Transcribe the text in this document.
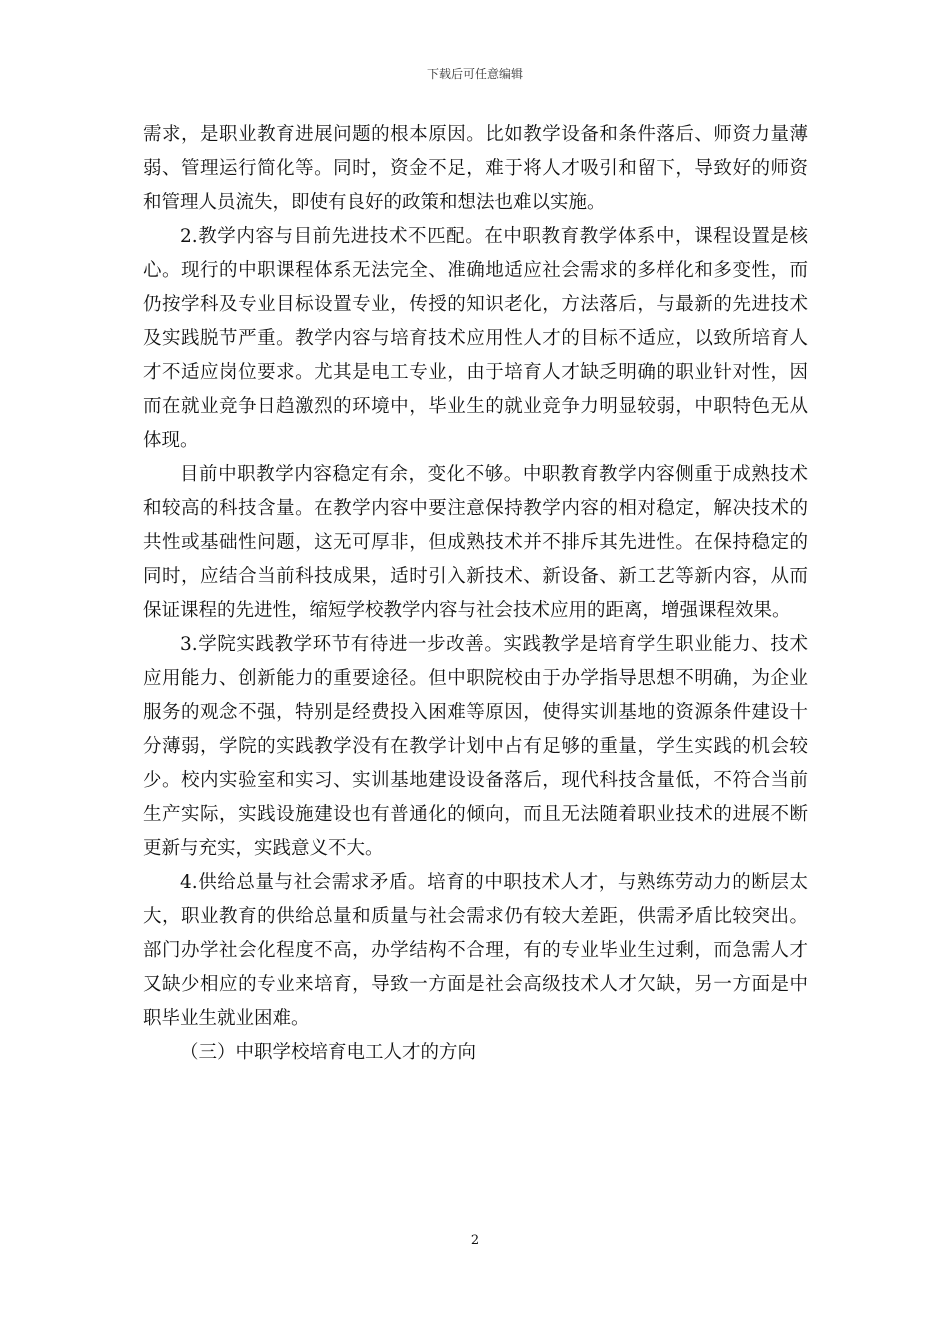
下载后可任意编辑

需求，是职业教育进展问题的根本原因。比如教学设备和条件落后、师资力量薄弱、管理运行简化等。同时，资金不足，难于将人才吸引和留下，导致好的师资和管理人员流失，即使有良好的政策和想法也难以实施。

2.教学内容与目前先进技术不匹配。在中职教育教学体系中，课程设置是核心。现行的中职课程体系无法完全、准确地适应社会需求的多样化和多变性，而仍按学科及专业目标设置专业，传授的知识老化，方法落后，与最新的先进技术及实践脱节严重。教学内容与培育技术应用性人才的目标不适应，以致所培育人才不适应岗位要求。尤其是电工专业，由于培育人才缺乏明确的职业针对性，因而在就业竞争日趋激烈的环境中，毕业生的就业竞争力明显较弱，中职特色无从体现。

目前中职教学内容稳定有余，变化不够。中职教育教学内容侧重于成熟技术和较高的科技含量。在教学内容中要注意保持教学内容的相对稳定，解决技术的共性或基础性问题，这无可厚非，但成熟技术并不排斥其先进性。在保持稳定的同时，应结合当前科技成果，适时引入新技术、新设备、新工艺等新内容，从而保证课程的先进性，缩短学校教学内容与社会技术应用的距离，增强课程效果。

3.学院实践教学环节有待进一步改善。实践教学是培育学生职业能力、技术应用能力、创新能力的重要途径。但中职院校由于办学指导思想不明确，为企业服务的观念不强，特别是经费投入困难等原因，使得实训基地的资源条件建设十分薄弱，学院的实践教学没有在教学计划中占有足够的重量，学生实践的机会较少。校内实验室和实习、实训基地建设设备落后，现代科技含量低，不符合当前生产实际，实践设施建设也有普通化的倾向，而且无法随着职业技术的进展不断更新与充实，实践意义不大。

4.供给总量与社会需求矛盾。培育的中职技术人才，与熟练劳动力的断层太大，职业教育的供给总量和质量与社会需求仍有较大差距，供需矛盾比较突出。部门办学社会化程度不高，办学结构不合理，有的专业毕业生过剩，而急需人才又缺少相应的专业来培育，导致一方面是社会高级技术人才欠缺，另一方面是中职毕业生就业困难。

（三）中职学校培育电工人才的方向

2
